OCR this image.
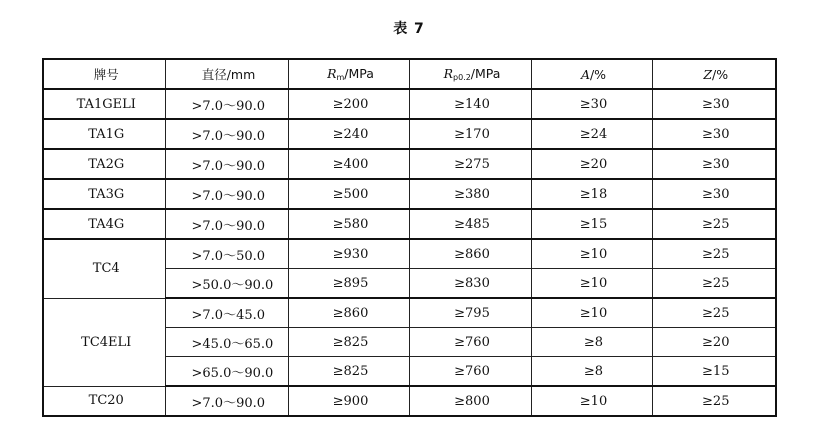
表 7
牌号	直径/mm	$R_m$/MPa	$R_{p0.2}$/MPa	A/%	Z/%
TA1GELI	>7.0～90.0	≥200	≥140	≥30	≥30
TA1G	>7.0～90.0	≥240	≥170	≥24	≥30
TA2G	>7.0～90.0	≥400	≥275	≥20	≥30
TA3G	>7.0～90.0	≥500	≥380	≥18	≥30
TA4G	>7.0～90.0	≥580	≥485	≥15	≥25
TC4	>7.0～50.0	≥930	≥860	≥10	≥25
	>50.0～90.0	≥895	≥830	≥10	≥25
TC4ELI	>7.0～45.0	≥860	≥795	≥10	≥25
	>45.0～65.0	≥825	≥760	≥8	≥20
	>65.0～90.0	≥825	≥760	≥8	≥15
TC20	>7.0～90.0	≥900	≥800	≥10	≥25
